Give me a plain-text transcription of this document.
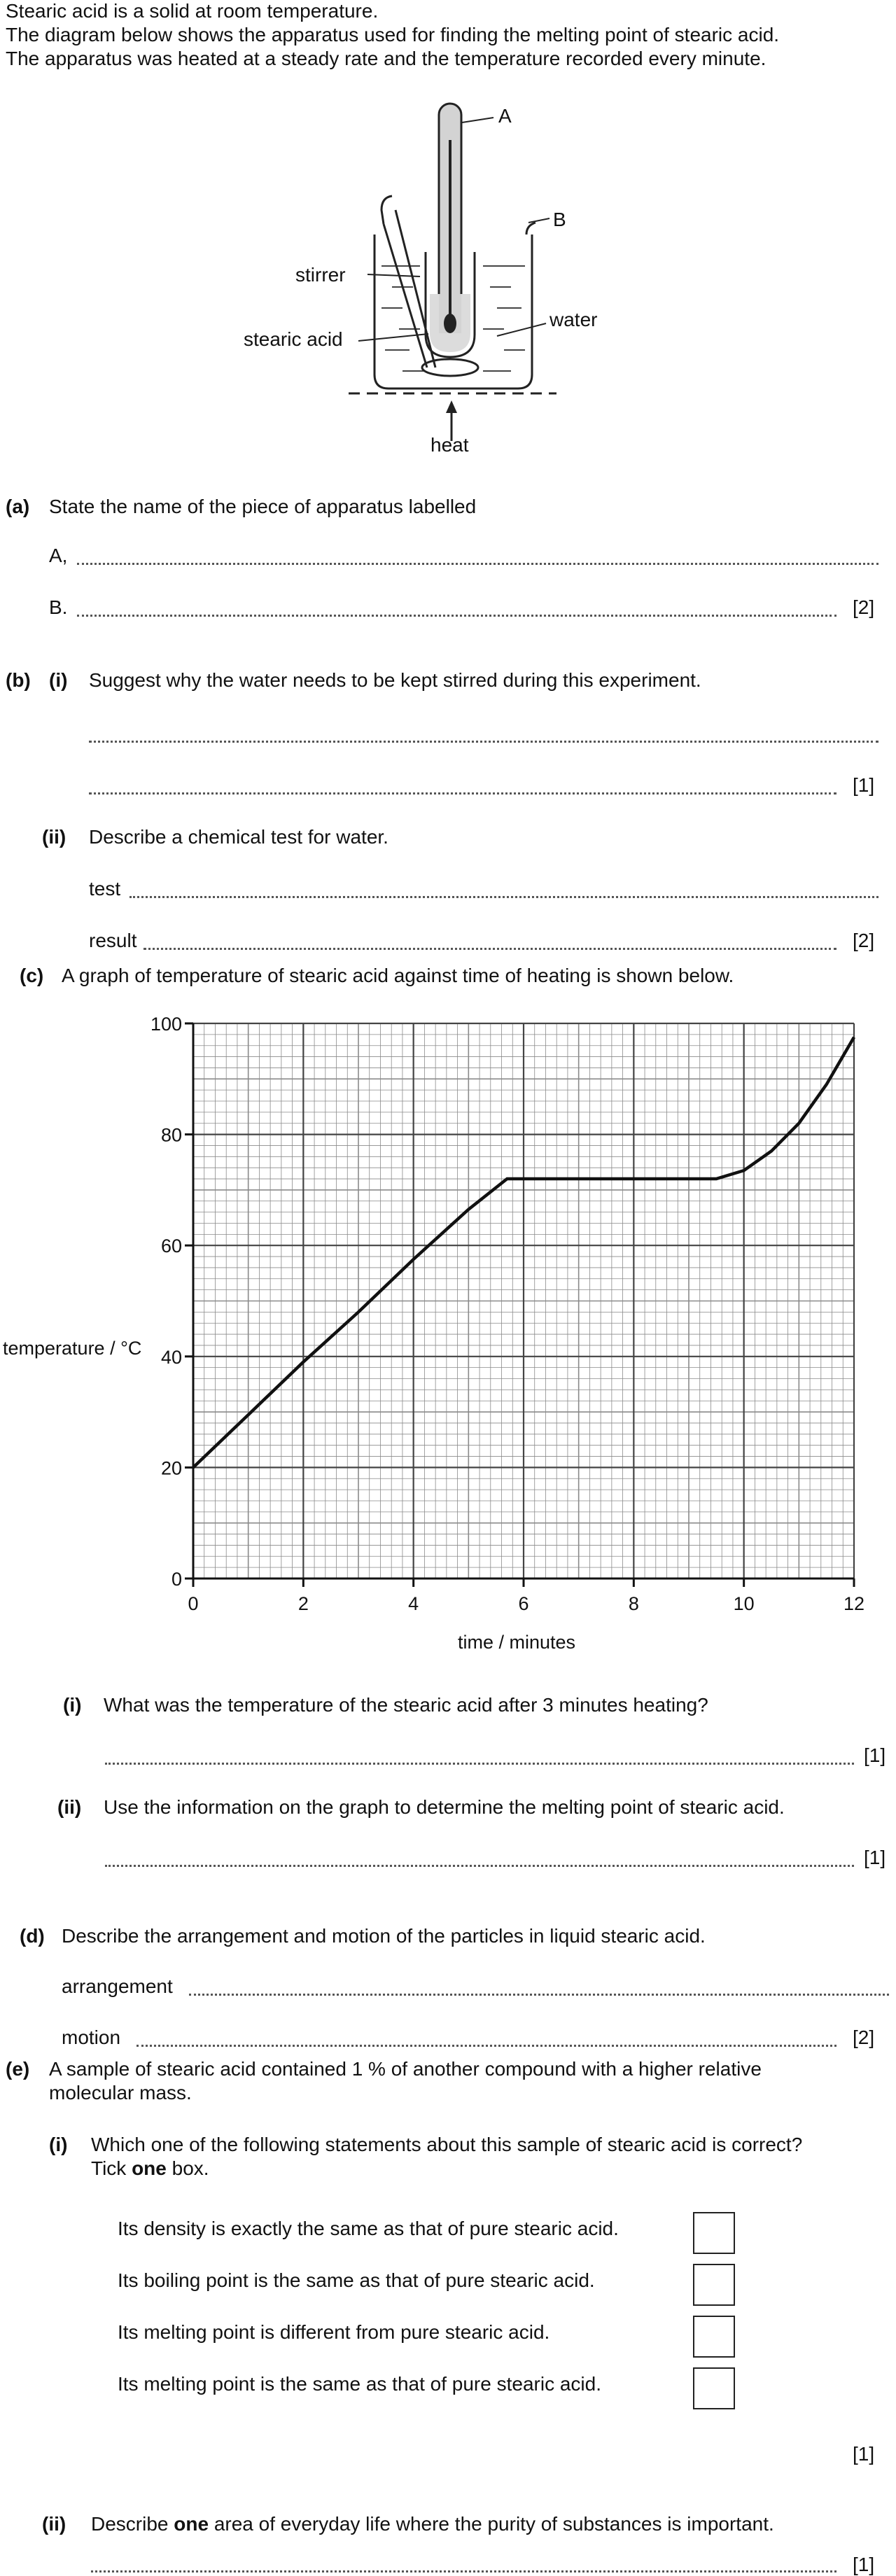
Stearic acid is a solid at room temperature.
The diagram below shows the apparatus used for finding the melting point of stearic acid.
The apparatus was heated at a steady rate and the temperature recorded every minute.
A
B
stirrer
stearic acid
water
heat
(a) State the name of the piece of apparatus labelled
A,
B.	[2]
(b) (i) Suggest why the water needs to be kept stirred during this experiment.
[1]
(ii) Describe a chemical test for water.
test
result	[2]
(c) A graph of temperature of stearic acid against time of heating is shown below.
0
20
40
60
80
100
0	2	4	6	8	10	12
temperature / °C
time / minutes
(i) What was the temperature of the stearic acid after 3 minutes heating?
[1]
(ii) Use the information on the graph to determine the melting point of stearic acid.
[1]
(d) Describe the arrangement and motion of the particles in liquid stearic acid.
arrangement
motion	[2]
(e) A sample of stearic acid contained 1 % of another compound with a higher relative
molecular mass.
(i) Which one of the following statements about this sample of stearic acid is correct?
Tick one box.
Its density is exactly the same as that of pure stearic acid.
Its boiling point is the same as that of pure stearic acid.
Its melting point is different from pure stearic acid.
Its melting point is the same as that of pure stearic acid.
[1]
(ii) Describe one area of everyday life where the purity of substances is important.
[1]
